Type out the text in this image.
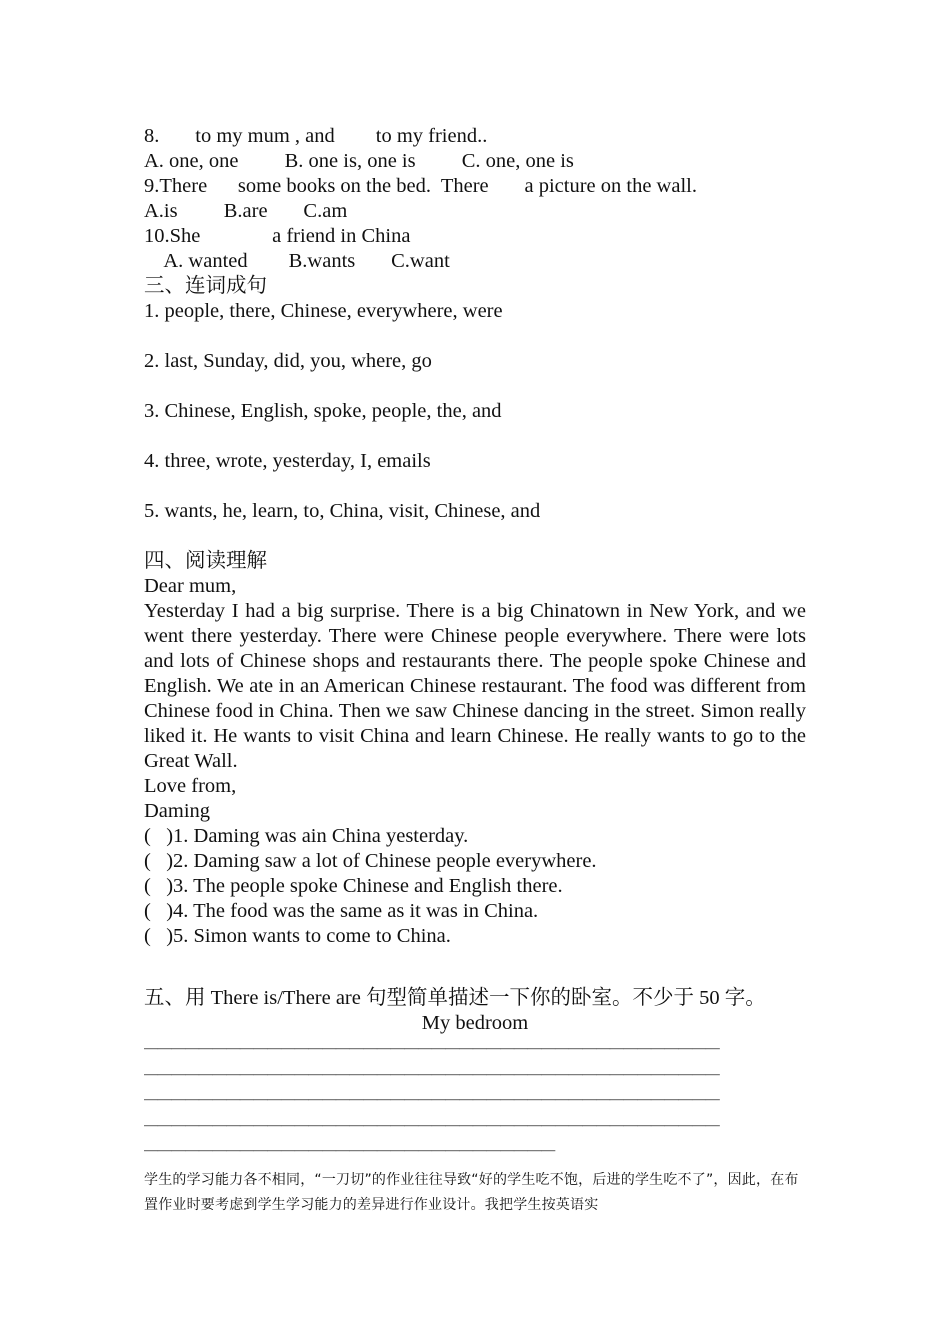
8.       to my mum , and        to my friend..
A. one, one         B. one is, one is         C. one, one is
9.There      some books on the bed.  There       a picture on the wall.
A.is         B.are       C.am
10.She              a friend in China
A. wanted        B.wants       C.want
三、连词成句
1. people, there, Chinese, everywhere, were
2. last, Sunday, did, you, where, go
3. Chinese, English, spoke, people, the, and
4. three, wrote, yesterday, I, emails
5. wants, he, learn, to, China, visit, Chinese, and
四、阅读理解
Dear mum,
Yesterday I had a big surprise. There is a big Chinatown in New York, and we went there yesterday. There were Chinese people everywhere. There were lots and lots of Chinese shops and restaurants there. The people spoke Chinese and English. We ate in an American Chinese restaurant. The food was different from Chinese food in China. Then we saw Chinese dancing in the street. Simon really liked it. He wants to visit China and learn Chinese. He really wants to go to the Great Wall.
Love from,
Daming
(   )1. Daming was ain China yesterday.
(   )2. Daming saw a lot of Chinese people everywhere.
(   )3. The people spoke Chinese and English there.
(   )4. The food was the same as it was in China.
(   )5. Simon wants to come to China.
五、用 There is/There are 句型简单描述一下你的卧室。不少于 50 字。
My bedroom
——————————————————————————————————————————
——————————————————————————————————————————
——————————————————————————————————————————
——————————————————————————————————————————
——————————————————————————————
学生的学习能力各不相同，“一刀切”的作业往往导致“好的学生吃不饱，后进的学生吃不了”，因此，在布置作业时要考虑到学生学习能力的差异进行作业设计。我把学生按英语实
